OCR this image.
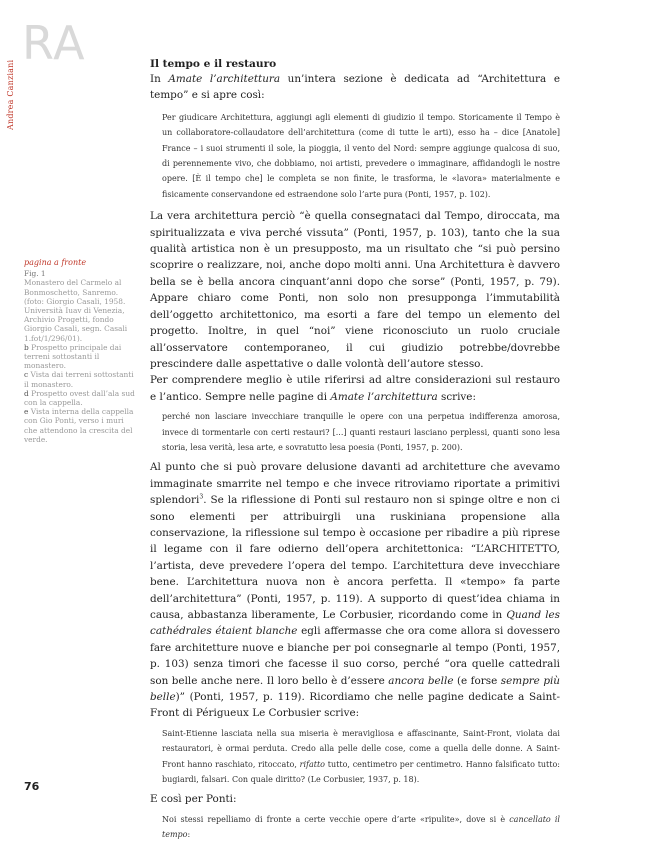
RA
Andrea Canziani
pagina a fronte
Fig. 1
Monastero del Carmelo al Bonmoschetto, Sanremo. (foto: Giorgio Casali, 1958. Università Iuav di Venezia, Archivio Progetti, fondo Giorgio Casali, segn. Casali 1.fot/1/296/01).
b Prospetto principale dai terreni sottostanti il monastero.
c Vista dai terreni sottostanti il monastero.
d Prospetto ovest dall’ala sud con la cappella.
e Vista interna della cappella con Gio Ponti, verso i muri che attendono la crescita del verde.
Il tempo e il restauro

In Amate l’architettura un’intera sezione è dedicata ad “Architettura e tempo” e si apre così:

Per giudicare Architettura, aggiungi agli elementi di giudizio il tempo. Storicamente il Tempo è un collaboratore-collaudatore dell’architettura (come di tutte le arti), esso ha – dice [Anatole] France – i suoi strumenti il sole, la pioggia, il vento del Nord: sempre aggiunge qualcosa di suo, di perennemente vivo, che dobbiamo, noi artisti, prevedere o immaginare, affidandogli le nostre opere. [È il tempo che] le completa se non finite, le trasforma, le «lavora» materialmente e fisicamente conservandone ed estraendone solo l’arte pura (Ponti, 1957, p. 102).

La vera architettura perciò “è quella consegnataci dal Tempo, diroccata, ma spiritualizzata e viva perché vissuta” (Ponti, 1957, p. 103), tanto che la sua qualità artistica non è un presupposto, ma un risultato che “si può persino scoprire o realizzare, noi, anche dopo molti anni. Una Architettura è davvero bella se è bella ancora cinquant’anni dopo che sorse” (Ponti, 1957, p. 79). Appare chiaro come Ponti, non solo non presupponga l’immutabilità dell’oggetto architettonico, ma esorti a fare del tempo un elemento del progetto. Inoltre, in quel “noi” viene riconosciuto un ruolo cruciale all’osservatore contemporaneo, il cui giudizio potrebbe/dovrebbe prescindere dalle aspettative o dalle volontà dell’autore stesso.

Per comprendere meglio è utile riferirsi ad altre considerazioni sul restauro e l’antico. Sempre nelle pagine di Amate l’architettura scrive:

perché non lasciare invecchiare tranquille le opere con una perpetua indifferenza amorosa, invece di tormentarle con certi restauri? [...] quanti restauri lasciano perplessi, quanti sono lesa storia, lesa verità, lesa arte, e sovratutto lesa poesia (Ponti, 1957, p. 200).

Al punto che si può provare delusione davanti ad architetture che avevamo immaginate smarrite nel tempo e che invece ritroviamo riportate a primitivi splendori$^3$. Se la riflessione di Ponti sul restauro non si spinge oltre e non ci sono elementi per attribuirgli una ruskiniana propensione alla conservazione, la riflessione sul tempo è occasione per ribadire a più riprese il legame con il fare odierno dell’opera architettonica: “L’ARCHITETTO, l’artista, deve prevedere l’opera del tempo. L’architettura deve invecchiare bene. L’architettura nuova non è ancora perfetta. Il «tempo» fa parte dell’architettura” (Ponti, 1957, p. 119). A supporto di quest’idea chiama in causa, abbastanza liberamente, Le Corbusier, ricordando come in Quand les cathédrales étaient blanche egli affermasse che ora come allora si dovessero fare architetture nuove e bianche per poi consegnarle al tempo (Ponti, 1957, p. 103) senza timori che facesse il suo corso, perché “ora quelle cattedrali son belle anche nere. Il loro bello è d’essere ancora belle (e forse sempre più belle)” (Ponti, 1957, p. 119). Ricordiamo che nelle pagine dedicate a Saint-Front di Périgueux Le Corbusier scrive:

Saint-Etienne lasciata nella sua miseria è meravigliosa e affascinante, Saint-Front, violata dai restauratori, è ormai perduta. Credo alla pelle delle cose, come a quella delle donne. A Saint-Front hanno raschiato, ritoccato, rifatto tutto, centimetro per centimetro. Hanno falsificato tutto: bugiardi, falsari. Con quale diritto? (Le Corbusier, 1937, p. 18).

E così per Ponti:

Noi stessi repelliamo di fronte a certe vecchie opere d’arte «ripulite», dove si è cancellato il tempo:

76
